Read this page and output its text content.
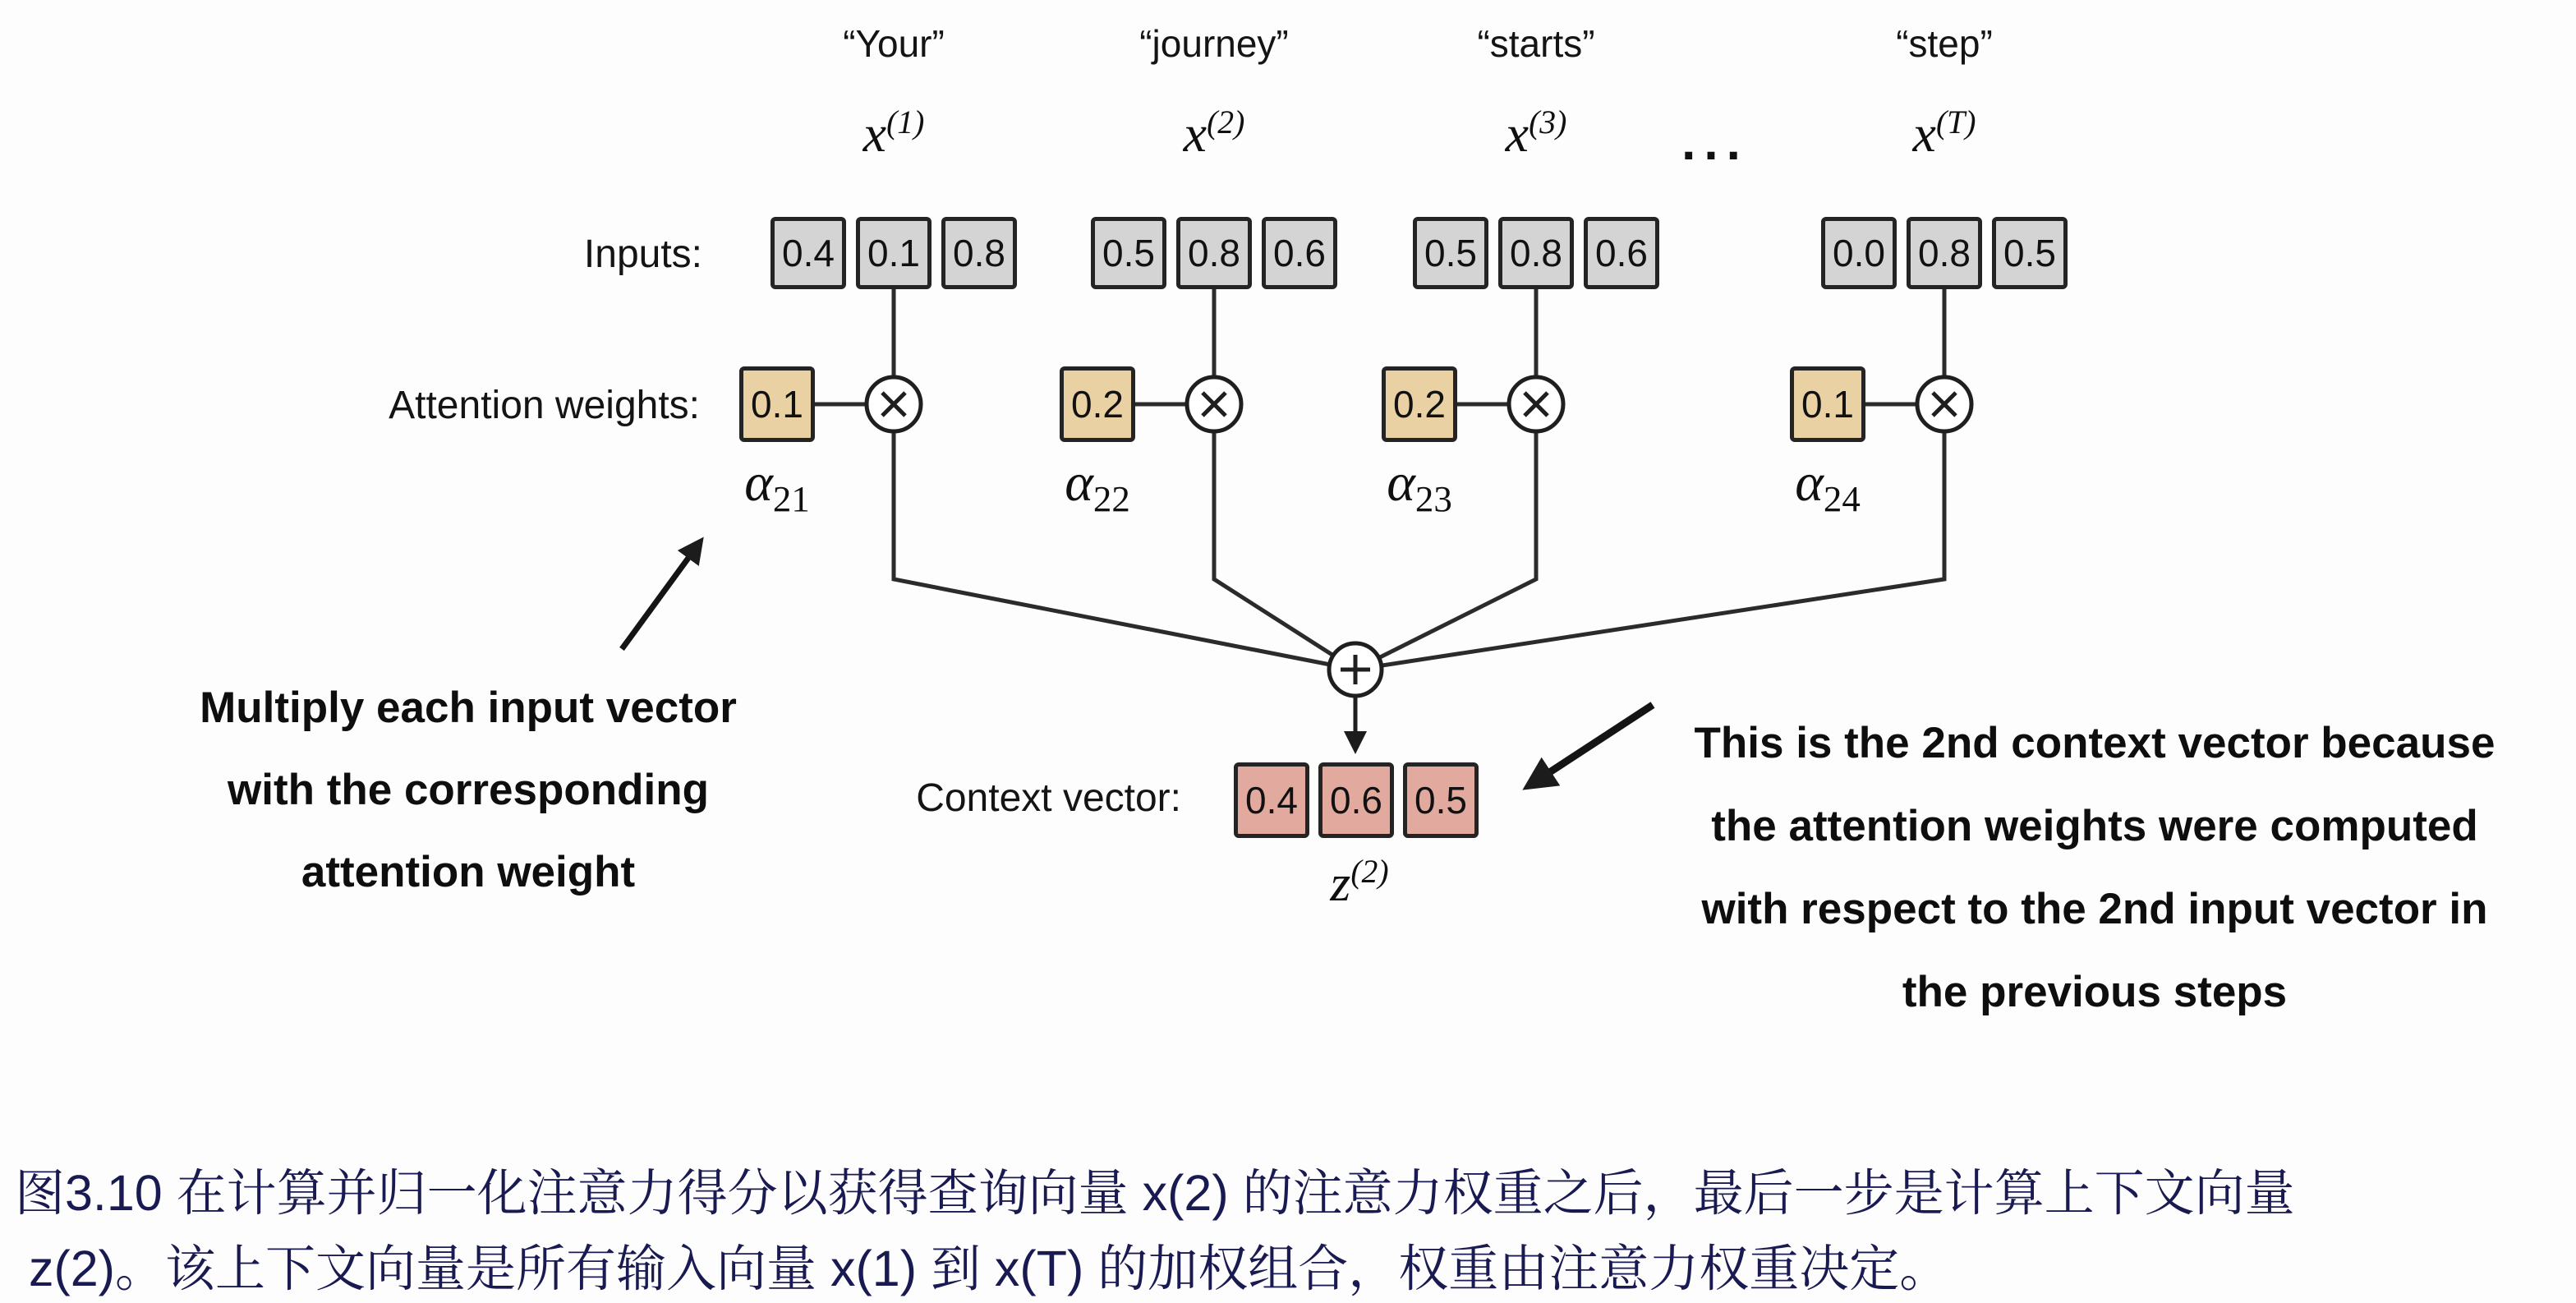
“Your”	“journey”	“starts”	“step”
$x^{(1)}$	$x^{(2)}$	$x^{(3)}$	$x^{(T)}$
...
Inputs:
Attention weights:
Context vector:
0.4 0.1 0.8	0.5 0.8 0.6	0.5 0.8 0.6	0.0 0.8 0.5
0.1	0.2	0.2	0.1
α21	α22	α23	α24
0.4 0.6 0.5
$z^{(2)}$
Multiply each input vector
with the corresponding
attention weight
This is the 2nd context vector because
the attention weights were computed
with respect to the 2nd input vector in
the previous steps
图3.10 在计算并归一化注意力得分以获得查询向量 x(2) 的注意力权重之后，最后一步是计算上下文向量
z(2)。该上下文向量是所有输入向量 x(1) 到 x(T) 的加权组合，权重由注意力权重决定。
